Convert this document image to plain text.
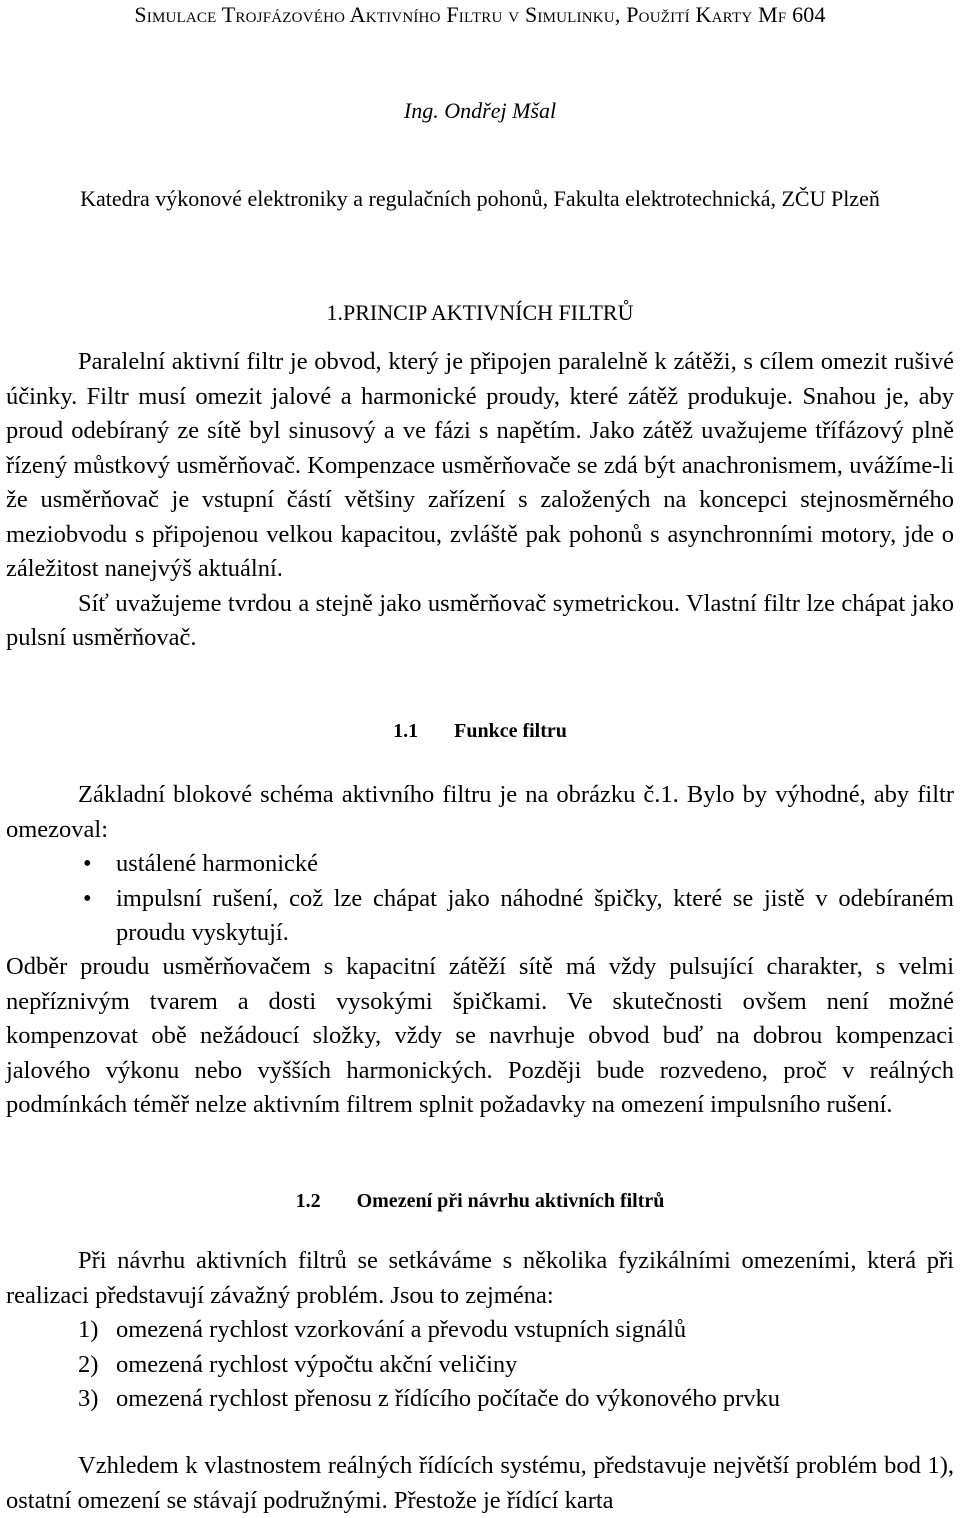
Simulace Trojfázového Aktivního Filtru v Simulinku, Použití Karty Mf 604
Ing. Ondřej Mšal
Katedra výkonové elektroniky a regulačních pohonů, Fakulta elektrotechnická, ZČU Plzeň
1.PRINCIP AKTIVNÍCH FILTRŮ

Paralelní aktivní filtr je obvod, který je připojen paralelně k zátěži, s cílem omezit rušivé účinky. Filtr musí omezit jalové a harmonické proudy, které zátěž produkuje. Snahou je, aby proud odebíraný ze sítě byl sinusový a ve fázi s napětím. Jako zátěž uvažujeme třífázový plně řízený můstkový usměrňovač. Kompenzace usměrňovače se zdá být anachronismem, uvážíme-li že usměrňovač je vstupní částí většiny zařízení s založených na koncepci stejnosměrného meziobvodu s připojenou velkou kapacitou, zvláště pak pohonů s asynchronními motory, jde o záležitost nanejvýš aktuální.

Síť uvažujeme tvrdou a stejně jako usměrňovač symetrickou. Vlastní filtr lze chápat jako pulsní usměrňovač.

1.1 Funkce filtru

Základní blokové schéma aktivního filtru je na obrázku č.1. Bylo by výhodné, aby filtr omezoval:

• ustálené harmonické
• impulsní rušení, což lze chápat jako náhodné špičky, které se jistě v odebíraném proudu vyskytují.

Odběr proudu usměrňovačem s kapacitní zátěží sítě má vždy pulsující charakter, s velmi nepříznivým tvarem a dosti vysokými špičkami. Ve skutečnosti ovšem není možné kompenzovat obě nežádoucí složky, vždy se navrhuje obvod buď na dobrou kompenzaci jalového výkonu nebo vyšších harmonických. Později bude rozvedeno, proč v reálných podmínkách téměř nelze aktivním filtrem splnit požadavky na omezení impulsního rušení.

1.2 Omezení při návrhu aktivních filtrů

Při návrhu aktivních filtrů se setkáváme s několika fyzikálními omezeními, která při realizaci představují závažný problém. Jsou to zejména:

1) omezená rychlost vzorkování a převodu vstupních signálů
2) omezená rychlost výpočtu akční veličiny
3) omezená rychlost přenosu z řídícího počítače do výkonového prvku

Vzhledem k vlastnostem reálných řídících systému, představuje největší problém bod 1), ostatní omezení se stávají podružnými. Přestože je řídící karta
